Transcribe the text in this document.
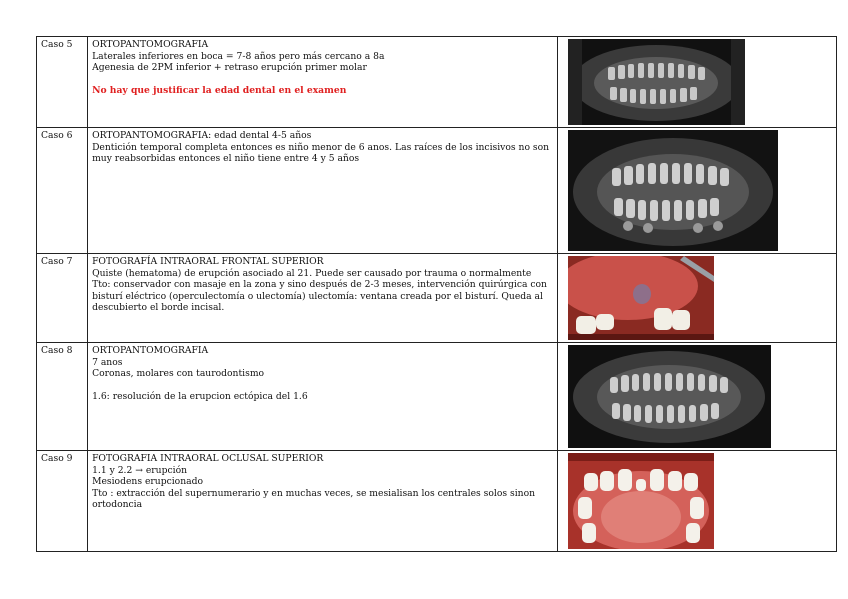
Caso 5	ORTOPANTOMOGRAFIA
Laterales inferiores en boca = 7-8 años pero más cercano a 8a
Agenesia de 2PM inferior + retraso erupción primer molar
No hay que justificar la edad dental en el examen

Caso 6	ORTOPANTOMOGRAFIA: edad dental 4-5 años
Dentición temporal completa entonces es niño menor de 6 anos. Las raíces de los incisivos no son
muy reabsorbidas entonces el niño tiene entre 4 y 5 años

Caso 7	FOTOGRAFÍA INTRAORAL FRONTAL SUPERIOR
Quiste (hematoma) de erupción asociado al 21. Puede ser causado por trauma o normalmente
Tto: conservador con masaje en la zona y sino después de 2-3 meses, intervención quirúrgica con
bisturí eléctrico (operculectomía o ulectomía) ulectomía: ventana creada por el bisturí. Queda al
descubierto el borde incisal.

Caso 8	ORTOPANTOMOGRAFIA
7 anos
Coronas, molares con taurodontismo
1.6: resolución de la erupcion ectópica del 1.6

Caso 9	FOTOGRAFIA INTRAORAL OCLUSAL SUPERIOR
1.1 y 2.2 → erupción
Mesiodens erupcionado
Tto : extracción del supernumerario y en muchas veces, se mesialisan los centrales solos sinon
ortodoncia
